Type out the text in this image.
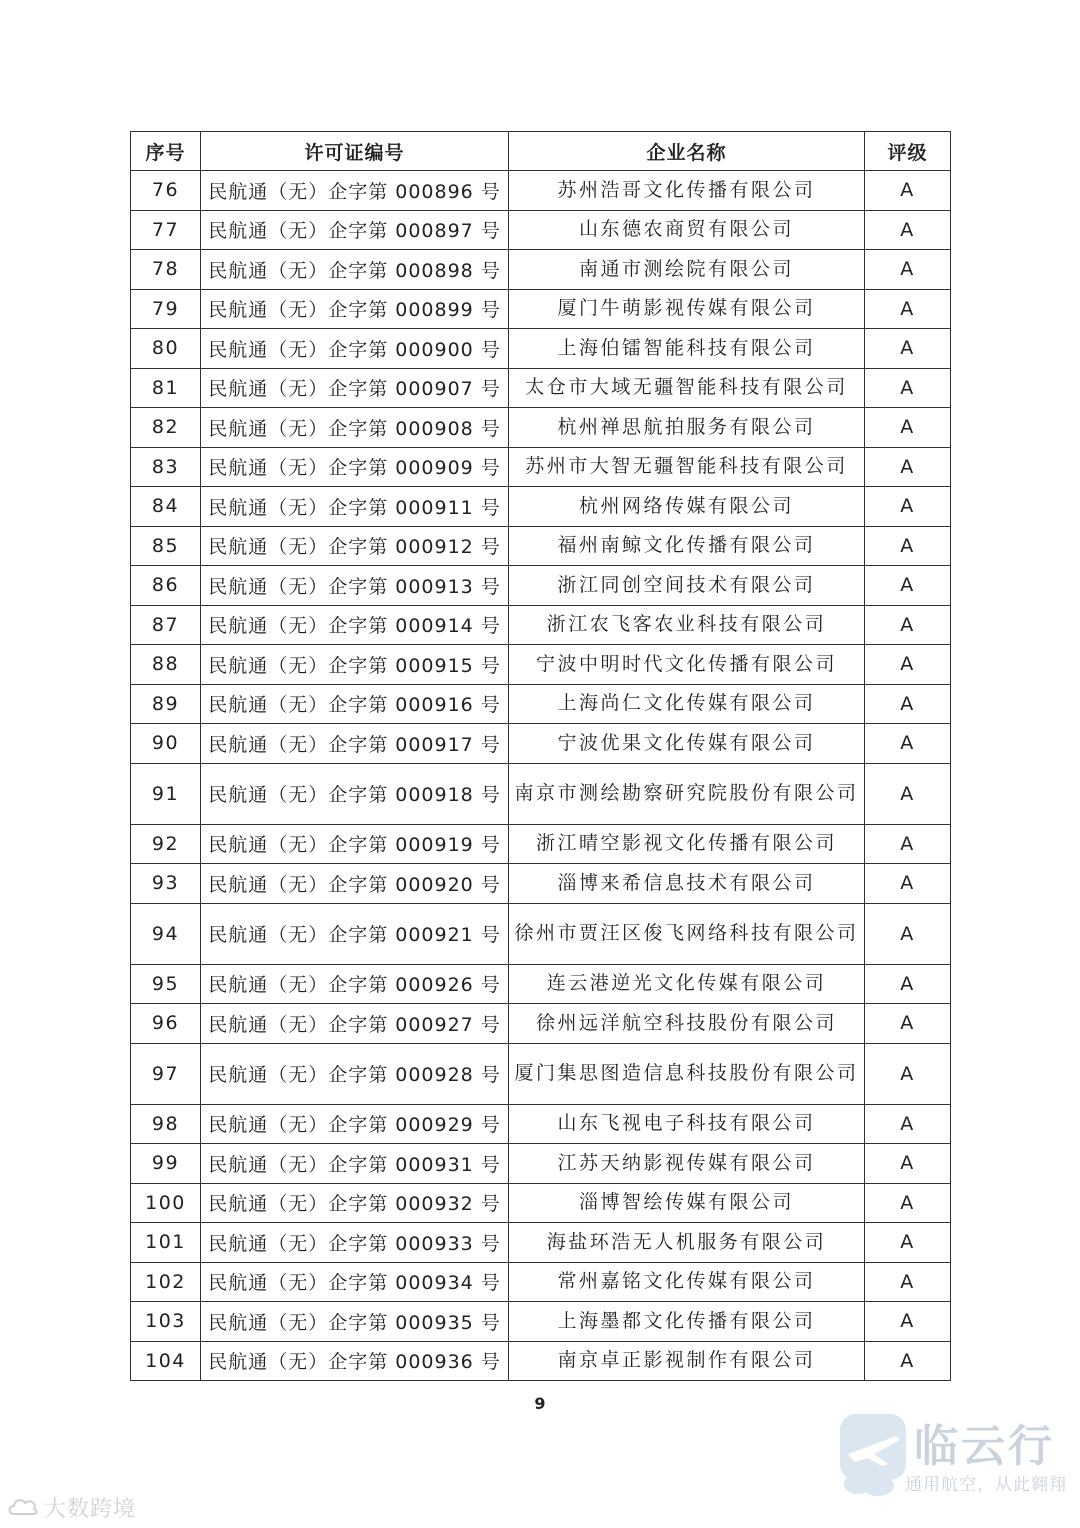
序号	许可证编号	企业名称	评级
76	民航通（无）企字第 000896 号	苏州浩哥文化传播有限公司	A
77	民航通（无）企字第 000897 号	山东德农商贸有限公司	A
78	民航通（无）企字第 000898 号	南通市测绘院有限公司	A
79	民航通（无）企字第 000899 号	厦门牛萌影视传媒有限公司	A
80	民航通（无）企字第 000900 号	上海伯镭智能科技有限公司	A
81	民航通（无）企字第 000907 号	太仓市大域无疆智能科技有限公司	A
82	民航通（无）企字第 000908 号	杭州禅思航拍服务有限公司	A
83	民航通（无）企字第 000909 号	苏州市大智无疆智能科技有限公司	A
84	民航通（无）企字第 000911 号	杭州网络传媒有限公司	A
85	民航通（无）企字第 000912 号	福州南鲸文化传播有限公司	A
86	民航通（无）企字第 000913 号	浙江同创空间技术有限公司	A
87	民航通（无）企字第 000914 号	浙江农飞客农业科技有限公司	A
88	民航通（无）企字第 000915 号	宁波中明时代文化传播有限公司	A
89	民航通（无）企字第 000916 号	上海尚仁文化传媒有限公司	A
90	民航通（无）企字第 000917 号	宁波优果文化传媒有限公司	A
91	民航通（无）企字第 000918 号	南京市测绘勘察研究院股份有限公司	A
92	民航通（无）企字第 000919 号	浙江晴空影视文化传播有限公司	A
93	民航通（无）企字第 000920 号	淄博来希信息技术有限公司	A
94	民航通（无）企字第 000921 号	徐州市贾汪区俊飞网络科技有限公司	A
95	民航通（无）企字第 000926 号	连云港逆光文化传媒有限公司	A
96	民航通（无）企字第 000927 号	徐州远洋航空科技股份有限公司	A
97	民航通（无）企字第 000928 号	厦门集思图造信息科技股份有限公司	A
98	民航通（无）企字第 000929 号	山东飞视电子科技有限公司	A
99	民航通（无）企字第 000931 号	江苏天纳影视传媒有限公司	A
100	民航通（无）企字第 000932 号	淄博智绘传媒有限公司	A
101	民航通（无）企字第 000933 号	海盐环浩无人机服务有限公司	A
102	民航通（无）企字第 000934 号	常州嘉铭文化传媒有限公司	A
103	民航通（无）企字第 000935 号	上海墨都文化传播有限公司	A
104	民航通（无）企字第 000936 号	南京卓正影视制作有限公司	A
9
临云行
通用航空，从此翱翔
大数跨境
